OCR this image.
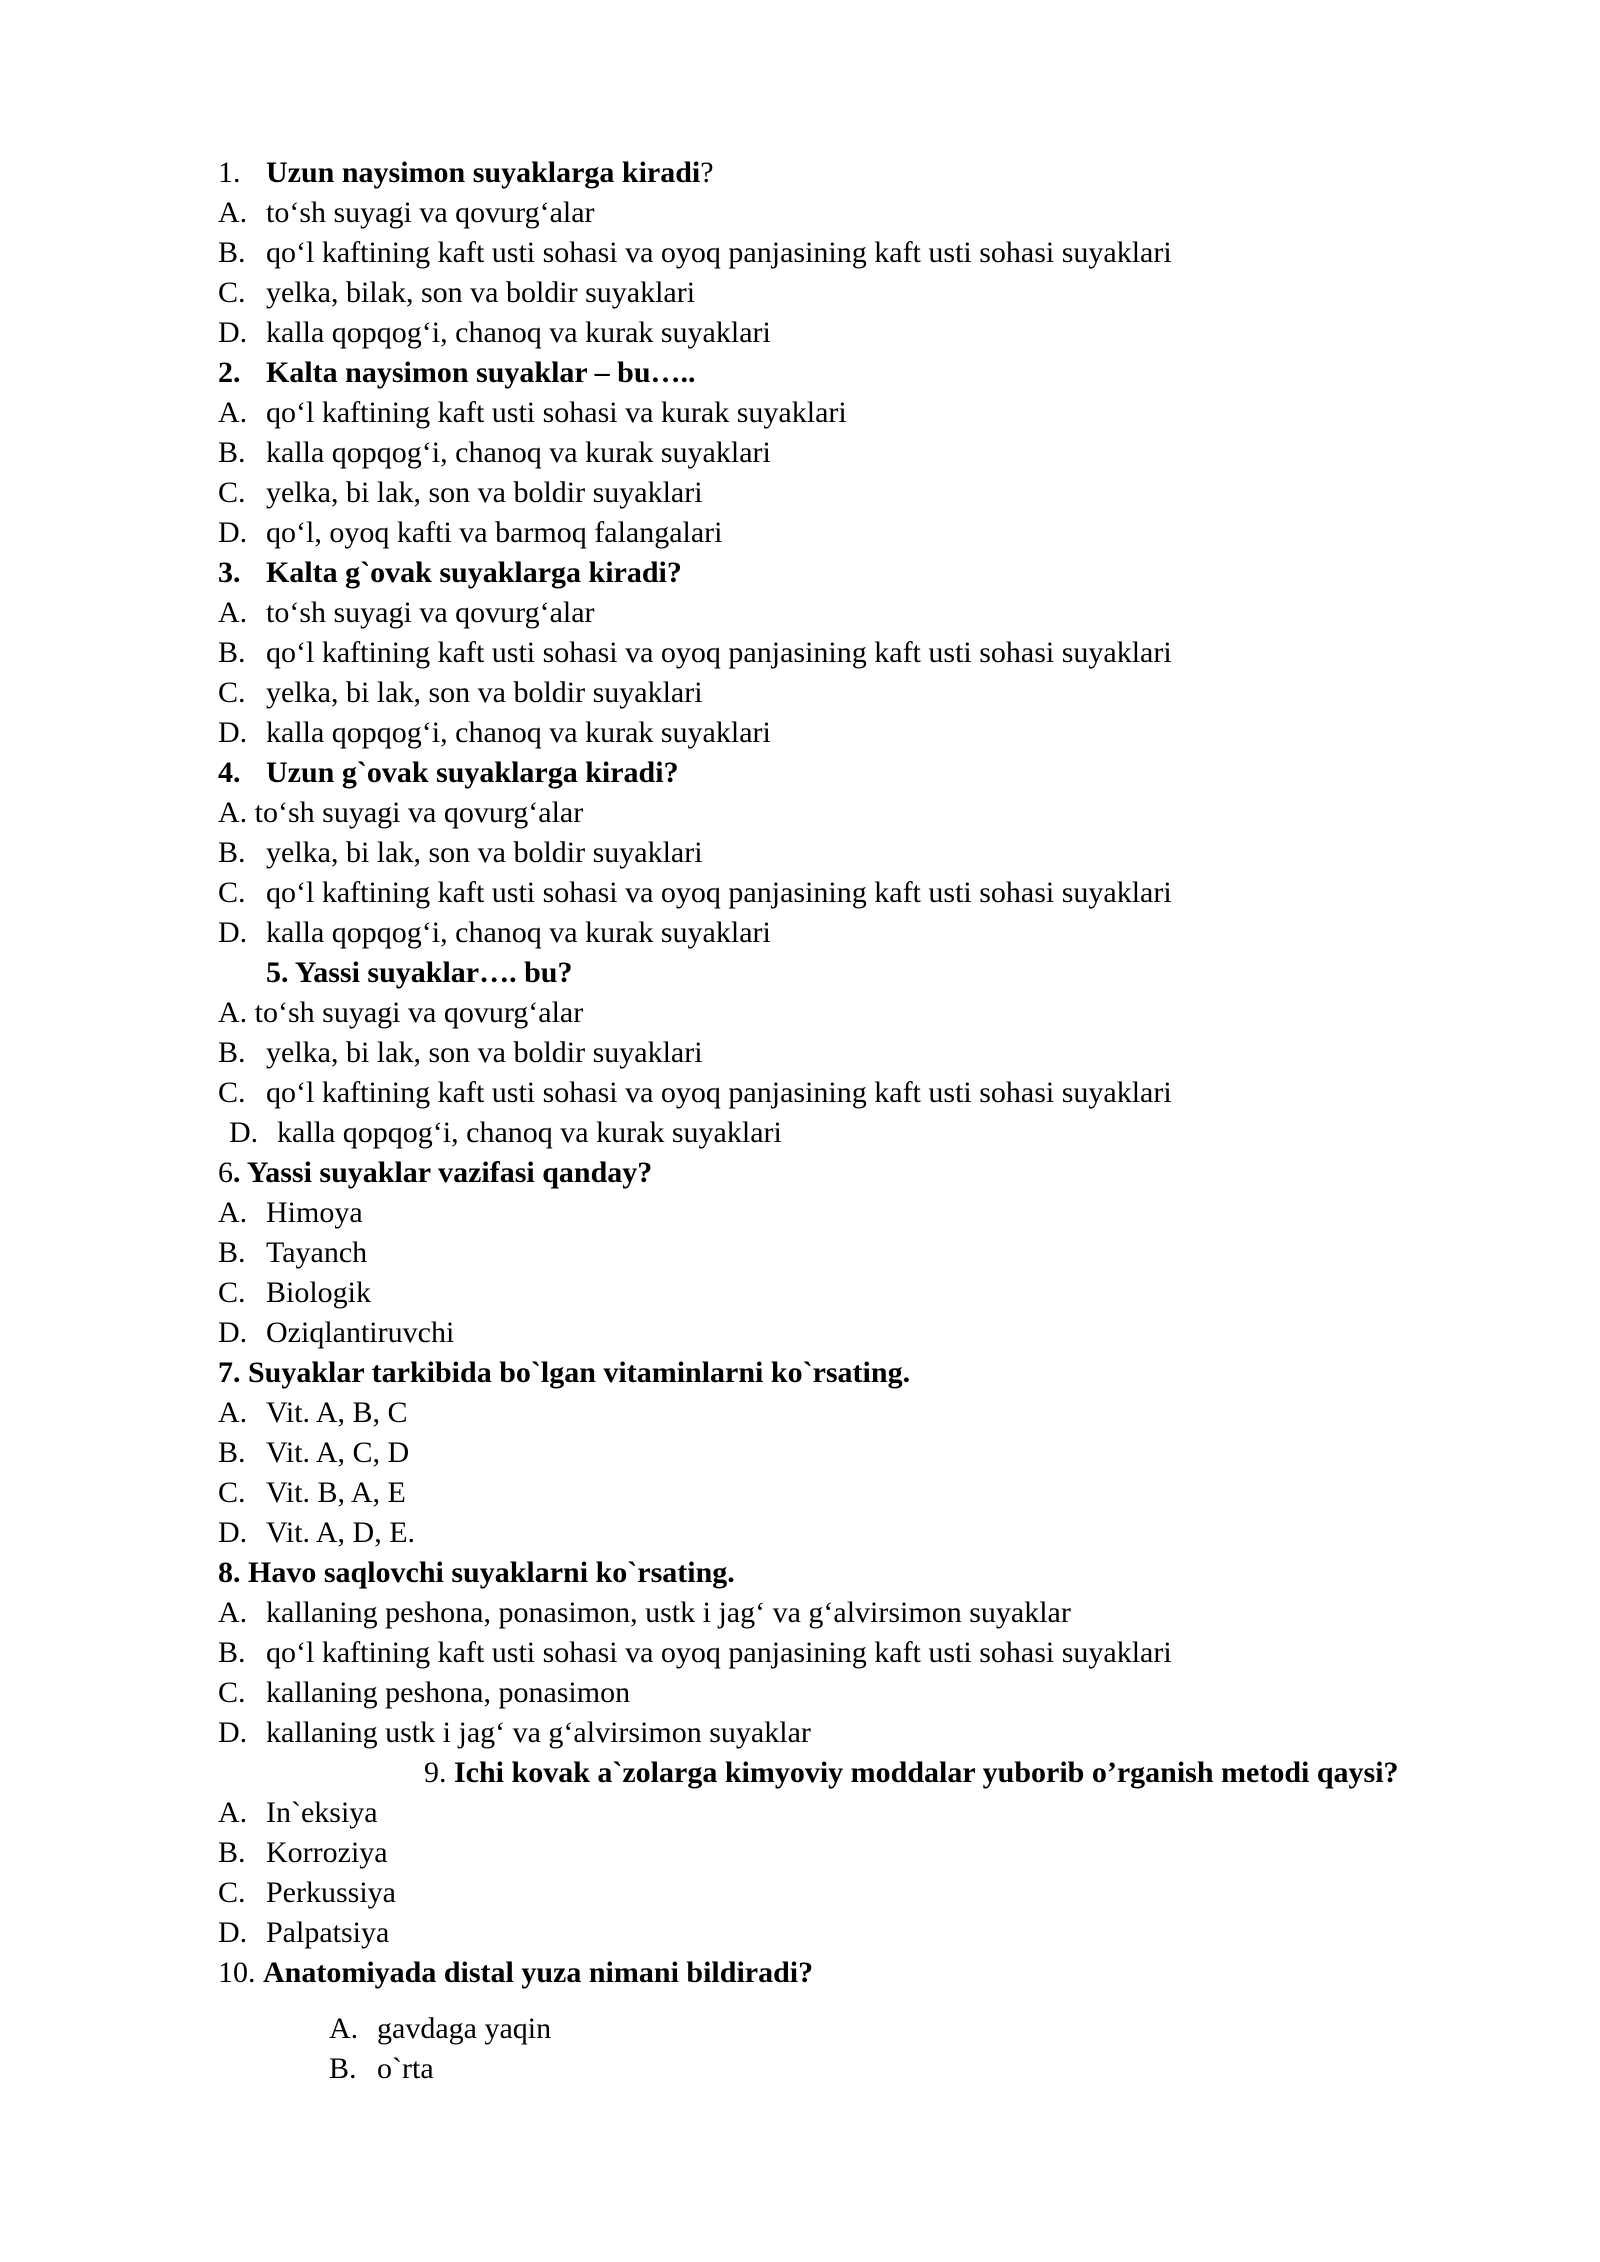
1. Uzun naysimon suyaklarga kiradi?
A. to‘sh suyagi va qovurg‘alar
B. qo‘l kaftining kaft usti sohasi va oyoq panjasining kaft usti sohasi suyaklari
C. yelka, bilak, son va boldir suyaklari
D. kalla qopqog‘i, chanoq va kurak suyaklari
2. Kalta naysimon suyaklar – bu…..
A. qo‘l kaftining kaft usti sohasi va kurak suyaklari
B. kalla qopqog‘i, chanoq va kurak suyaklari
C. yelka, bi lak, son va boldir suyaklari
D. qo‘l, oyoq kafti va barmoq falangalari
3. Kalta g`ovak suyaklarga kiradi?
A. to‘sh suyagi va qovurg‘alar
B. qo‘l kaftining kaft usti sohasi va oyoq panjasining kaft usti sohasi suyaklari
C. yelka, bi lak, son va boldir suyaklari
D. kalla qopqog‘i, chanoq va kurak suyaklari
4. Uzun g`ovak suyaklarga kiradi?
A. to‘sh suyagi va qovurg‘alar
B. yelka, bi lak, son va boldir suyaklari
C. qo‘l kaftining kaft usti sohasi va oyoq panjasining kaft usti sohasi suyaklari
D. kalla qopqog‘i, chanoq va kurak suyaklari
5. Yassi suyaklar…. bu?
A. to‘sh suyagi va qovurg‘alar
B. yelka, bi lak, son va boldir suyaklari
C. qo‘l kaftining kaft usti sohasi va oyoq panjasining kaft usti sohasi suyaklari
D. kalla qopqog‘i, chanoq va kurak suyaklari
6. Yassi suyaklar vazifasi qanday?
A. Himoya
B. Tayanch
C. Biologik
D. Oziqlantiruvchi
7. Suyaklar tarkibida bo`lgan vitaminlarni ko`rsating.
A. Vit. A, B, C
B. Vit. A, C, D
C. Vit. B, A, E
D. Vit. A, D, E.
8. Havo saqlovchi suyaklarni ko`rsating.
A. kallaning peshona, ponasimon, ustk i jag‘ va g‘alvirsimon suyaklar
B. qo‘l kaftining kaft usti sohasi va oyoq panjasining kaft usti sohasi suyaklari
C. kallaning peshona, ponasimon
D. kallaning ustk i jag‘ va g‘alvirsimon suyaklar
9. Ichi kovak a`zolarga kimyoviy moddalar yuborib o’rganish metodi qaysi?
A. In`eksiya
B. Korroziya
C. Perkussiya
D. Palpatsiya
10. Anatomiyada distal yuza nimani bildiradi?
A. gavdaga yaqin
B. o`rta
